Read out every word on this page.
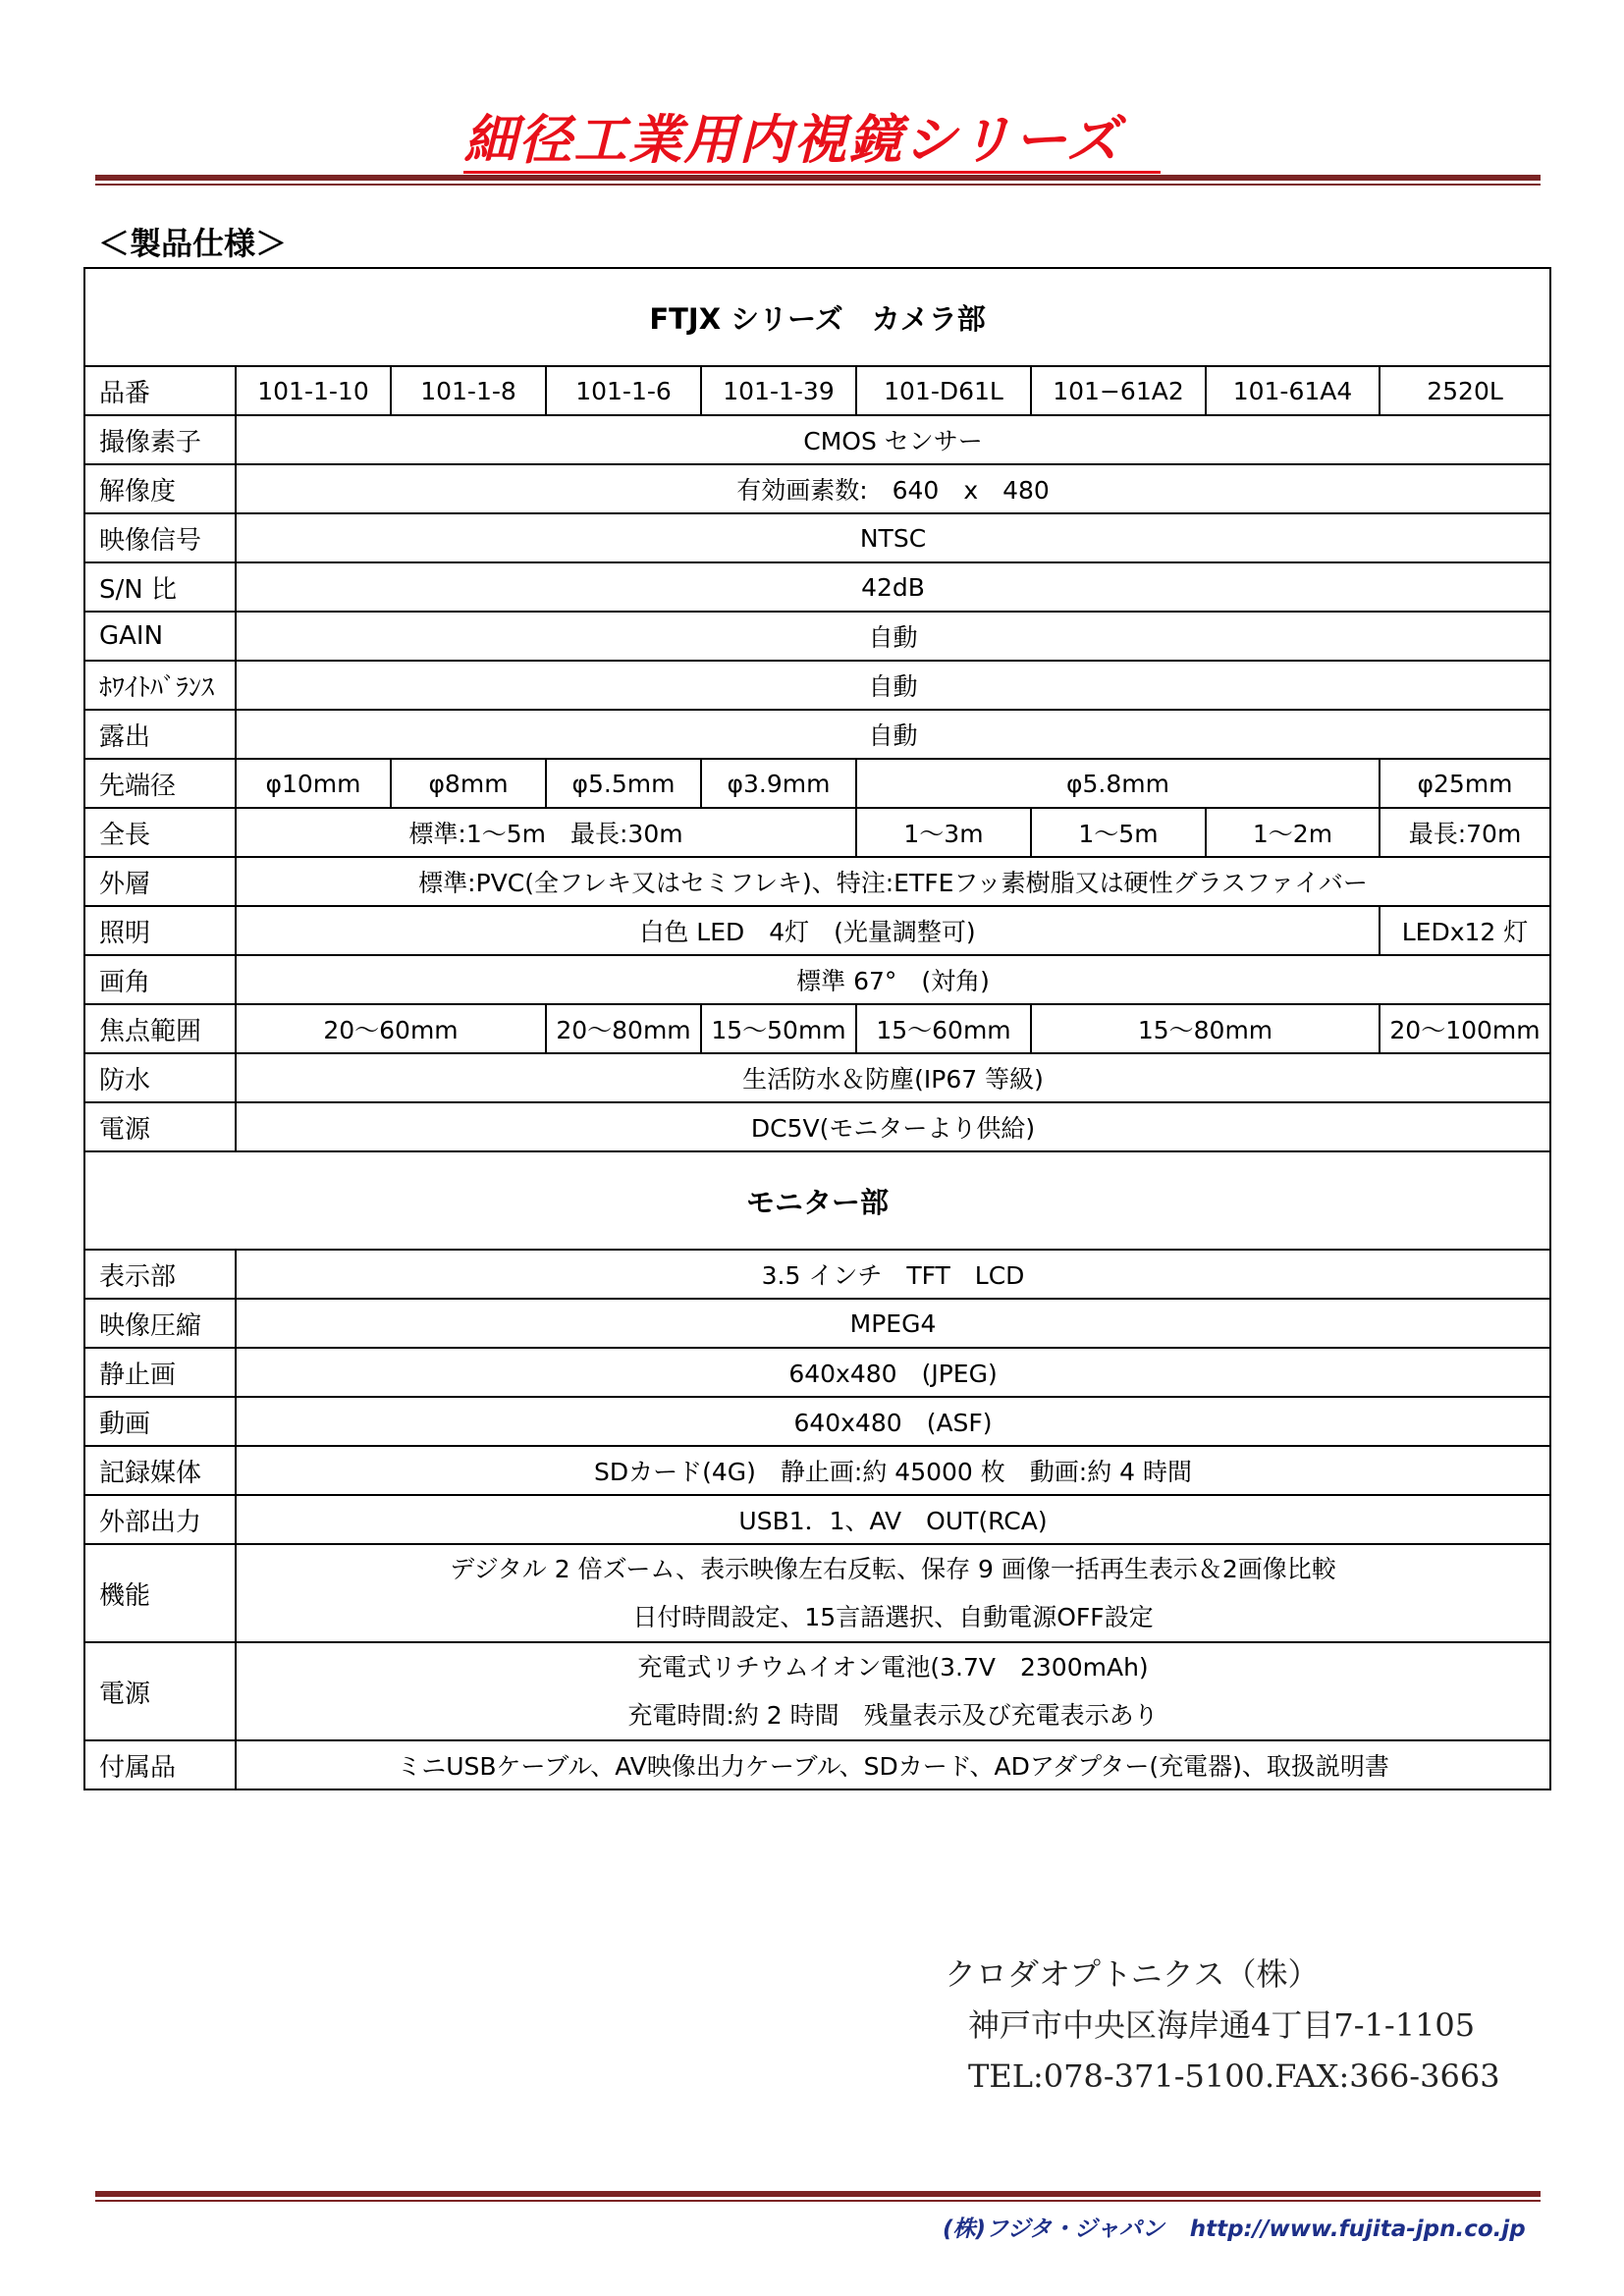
細径工業用内視鏡シリーズ
＜製品仕様＞
FTJX シリーズ　カメラ部								
品番	101-1-10	101-1-8	101-1-6	101-1-39	101-D61L	101−61A2	101-61A4	2520L
撮像素子	CMOS センサー							
解像度	有効画素数:　640　x　480							
映像信号	NTSC							
S/N 比	42dB							
GAIN	自動							
ﾎﾜｲﾄﾊﾞﾗﾝｽ	自動							
露出	自動							
先端径	φ10mm	φ8mm	φ5.5mm	φ3.9mm	φ5.8mm			φ25mm
全長	標準:1～5m　最長:30m				1～3m	1～5m	1～2m	最長:70m
外層	標準:PVC(全フレキ又はセミフレキ)、特注:ETFEフッ素樹脂又は硬性グラスファイバー							
照明	白色 LED　4灯　(光量調整可)							LEDx12 灯
画角	標準 67°　(対角)							
焦点範囲	20～60mm		20～80mm	15～50mm	15～60mm	15～80mm		20～100mm
防水	生活防水＆防塵(IP67 等級)							
電源	DC5V(モニターより供給)							
モニター部								
表示部	3.5 インチ　TFT　LCD							
映像圧縮	MPEG4							
静止画	640x480　(JPEG)							
動画	640x480　(ASF)							
記録媒体	SDカード(4G)　静止画:約 45000 枚　動画:約 4 時間							
外部出力	USB1．1、AV　OUT(RCA)							
機能	デジタル 2 倍ズーム、表示映像左右反転、保存 9 画像一括再生表示＆2画像比較
日付時間設定、15言語選択、自動電源OFF設定							

電源	充電式リチウムイオン電池(3.7V　2300mAh)
充電時間:約 2 時間　残量表示及び充電表示あり							

付属品	ミニUSBケーブル、AV映像出力ケーブル、SDカード、ADアダプター(充電器)、取扱説明書							
クロダオプトニクス（株）
神戸市中央区海岸通4丁目7-1-1105
TEL:078-371-5100.FAX:366-3663
(株)フジタ・ジャパン http://www.fujita-jpn.co.jp
